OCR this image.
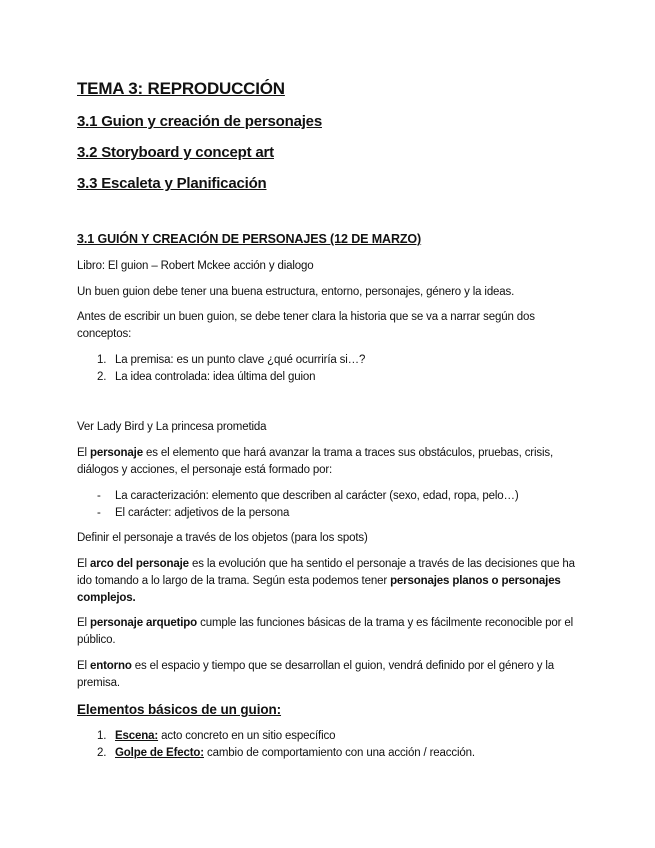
TEMA 3: REPRODUCCIÓN
3.1 Guion y creación de personajes
3.2 Storyboard y concept art
3.3 Escaleta y Planificación
3.1 GUIÓN Y CREACIÓN DE PERSONAJES (12 DE MARZO)
Libro: El guion – Robert Mckee acción y dialogo
Un buen guion debe tener una buena estructura, entorno, personajes, género y la ideas.
Antes de escribir un buen guion, se debe tener clara la historia que se va a narrar según dos conceptos:
1. La premisa: es un punto clave ¿qué ocurriría si…?
2. La idea controlada: idea última del guion
Ver Lady Bird y La princesa prometida
El personaje es el elemento que hará avanzar la trama a traces sus obstáculos, pruebas, crisis, diálogos y acciones, el personaje está formado por:
- La caracterización: elemento que describen al carácter (sexo, edad, ropa, pelo…)
- El carácter: adjetivos de la persona
Definir el personaje a través de los objetos (para los spots)
El arco del personaje es la evolución que ha sentido el personaje a través de las decisiones que ha ido tomando a lo largo de la trama. Según esta podemos tener personajes planos o personajes complejos.
El personaje arquetipo cumple las funciones básicas de la trama y es fácilmente reconocible por el público.
El entorno es el espacio y tiempo que se desarrollan el guion, vendrá definido por el género y la premisa.
Elementos básicos de un guion:
1. Escena: acto concreto en un sitio específico
2. Golpe de Efecto: cambio de comportamiento con una acción / reacción.
